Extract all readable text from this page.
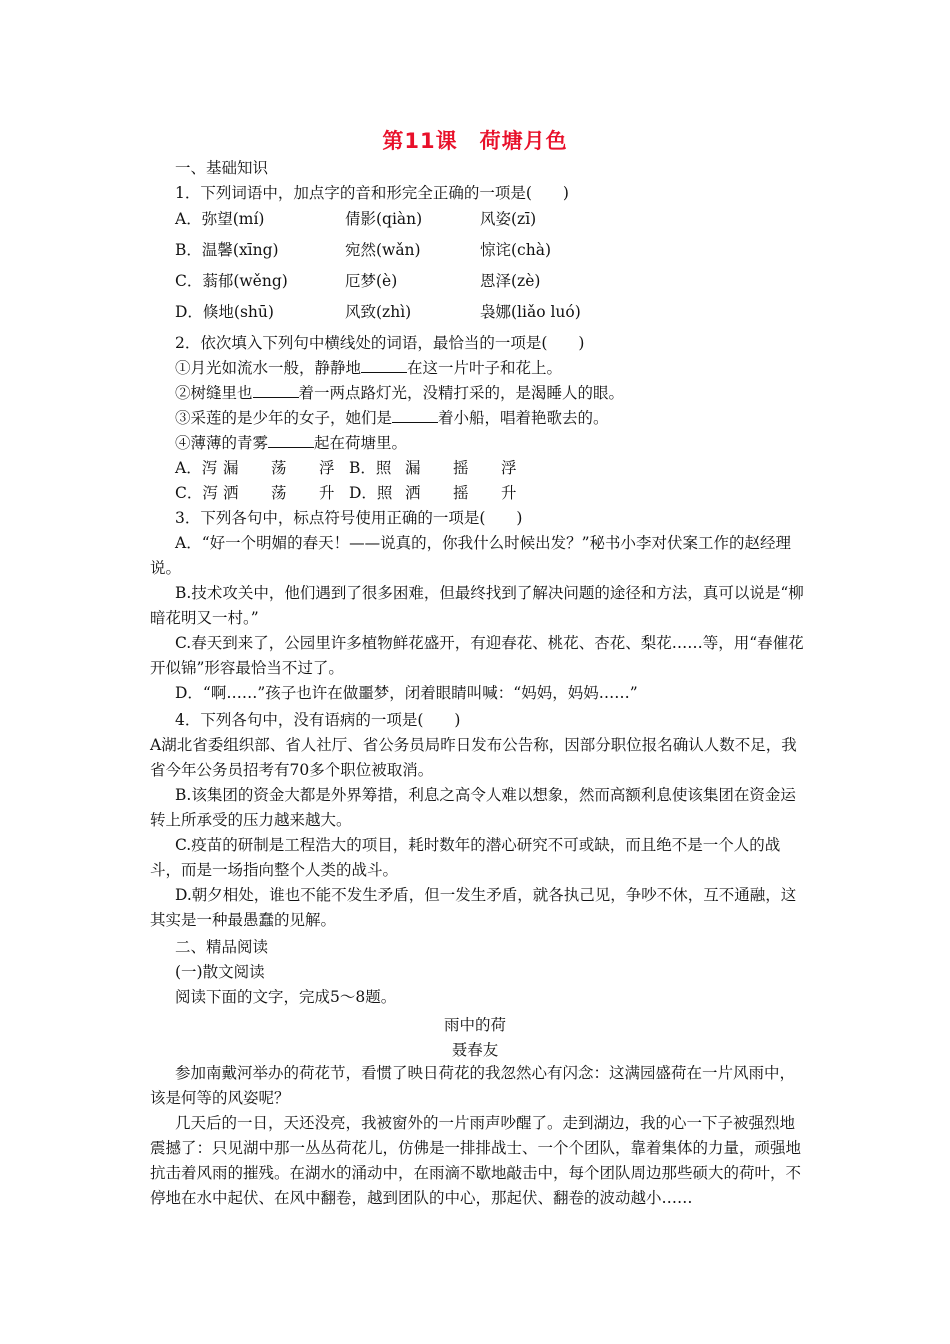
第11课　荷塘月色
一、基础知识
1．下列词语中，加点字的音和形完全正确的一项是(　　)
A．弥望(mí)	倩影(qiàn)	风姿(zī)
B．温馨(xīng)	宛然(wǎn)	惊诧(chà)
C．蓊郁(wěng)	厄梦(è)	恩泽(zè)
D．倏地(shū)	风致(zhì)	袅娜(liǎo luó)
2．依次填入下列句中横线处的词语，最恰当的一项是(　　)
①月光如流水一般，静静地	在这一片叶子和花上。
②树缝里也	着一两点路灯光，没精打采的，是渴睡人的眼。
③采莲的是少年的女子，她们是	着小船，唱着艳歌去的。
④薄薄的青雾	起在荷塘里。
A．泻 漏 荡 浮 B．照 漏 摇 浮
C．泻 洒 荡 升 D．照 洒 摇 升
3．下列各句中，标点符号使用正确的一项是(　　)

A．“好一个明媚的春天！——说真的，你我什么时候出发？”秘书小李对伏案工作的赵经理说。

B.技术攻关中，他们遇到了很多困难，但最终找到了解决问题的途径和方法，真可以说是“柳暗花明又一村。”

C.春天到来了，公园里许多植物鲜花盛开，有迎春花、桃花、杏花、梨花……等，用“春催花开似锦”形容最恰当不过了。

D．“啊……”孩子也许在做噩梦，闭着眼睛叫喊：“妈妈，妈妈……”

4．下列各句中，没有语病的一项是(　　)

A湖北省委组织部、省人社厅、省公务员局昨日发布公告称，因部分职位报名确认人数不足，我省今年公务员招考有70多个职位被取消。

B.该集团的资金大都是外界筹措，利息之高令人难以想象，然而高额利息使该集团在资金运转上所承受的压力越来越大。

C.疫苗的研制是工程浩大的项目，耗时数年的潜心研究不可或缺，而且绝不是一个人的战斗，而是一场指向整个人类的战斗。

D.朝夕相处，谁也不能不发生矛盾，但一发生矛盾，就各执己见，争吵不休，互不通融，这其实是一种最愚蠢的见解。

二、精品阅读
(一)散文阅读
阅读下面的文字，完成5～8题。
雨中的荷
聂春友

参加南戴河举办的荷花节，看惯了映日荷花的我忽然心有闪念：这满园盛荷在一片风雨中，该是何等的风姿呢？

几天后的一日，天还没亮，我被窗外的一片雨声吵醒了。走到湖边，我的心一下子被强烈地震撼了：只见湖中那一丛丛荷花儿，仿佛是一排排战士、一个个团队，靠着集体的力量，顽强地抗击着风雨的摧残。在湖水的涌动中，在雨滴不歇地敲击中，每个团队周边那些硕大的荷叶，不停地在水中起伏、在风中翻卷，越到团队的中心，那起伏、翻卷的波动越小……
